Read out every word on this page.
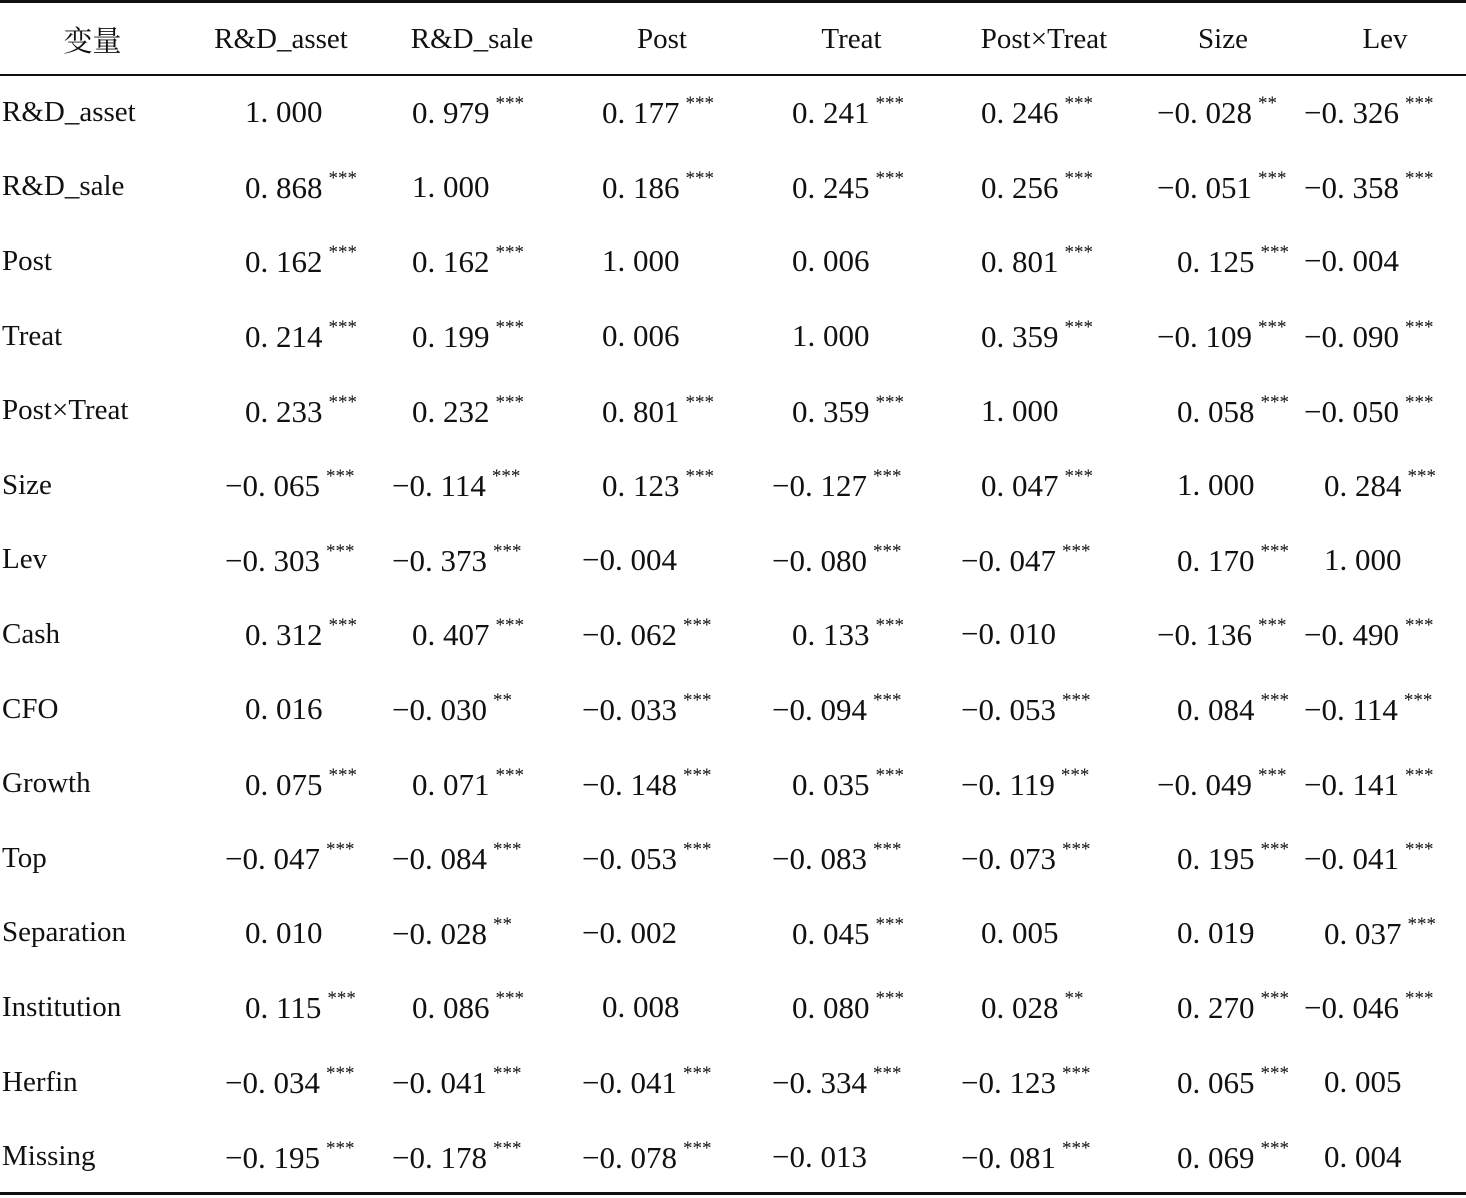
变量	R&D_asset	R&D_sale	Post	Treat	Post×Treat	Size	Lev
R&D_asset	1. 000	0. 979 ***	0. 177 ***	0. 241 ***	0. 246 ***	−0. 028 **	−0. 326 ***
R&D_sale	0. 868 ***	1. 000	0. 186 ***	0. 245 ***	0. 256 ***	−0. 051 ***	−0. 358 ***
Post	0. 162 ***	0. 162 ***	1. 000	0. 006	0. 801 ***	0. 125 ***	−0. 004
Treat	0. 214 ***	0. 199 ***	0. 006	1. 000	0. 359 ***	−0. 109 ***	−0. 090 ***
Post×Treat	0. 233 ***	0. 232 ***	0. 801 ***	0. 359 ***	1. 000	0. 058 ***	−0. 050 ***
Size	−0. 065 ***	−0. 114 ***	0. 123 ***	−0. 127 ***	0. 047 ***	1. 000	0. 284 ***
Lev	−0. 303 ***	−0. 373 ***	−0. 004	−0. 080 ***	−0. 047 ***	0. 170 ***	1. 000
Cash	0. 312 ***	0. 407 ***	−0. 062 ***	0. 133 ***	−0. 010	−0. 136 ***	−0. 490 ***
CFO	0. 016	−0. 030 **	−0. 033 ***	−0. 094 ***	−0. 053 ***	0. 084 ***	−0. 114 ***
Growth	0. 075 ***	0. 071 ***	−0. 148 ***	0. 035 ***	−0. 119 ***	−0. 049 ***	−0. 141 ***
Top	−0. 047 ***	−0. 084 ***	−0. 053 ***	−0. 083 ***	−0. 073 ***	0. 195 ***	−0. 041 ***
Separation	0. 010	−0. 028 **	−0. 002	0. 045 ***	0. 005	0. 019	0. 037 ***
Institution	0. 115 ***	0. 086 ***	0. 008	0. 080 ***	0. 028 **	0. 270 ***	−0. 046 ***
Herfin	−0. 034 ***	−0. 041 ***	−0. 041 ***	−0. 334 ***	−0. 123 ***	0. 065 ***	0. 005
Missing	−0. 195 ***	−0. 178 ***	−0. 078 ***	−0. 013	−0. 081 ***	0. 069 ***	0. 004
